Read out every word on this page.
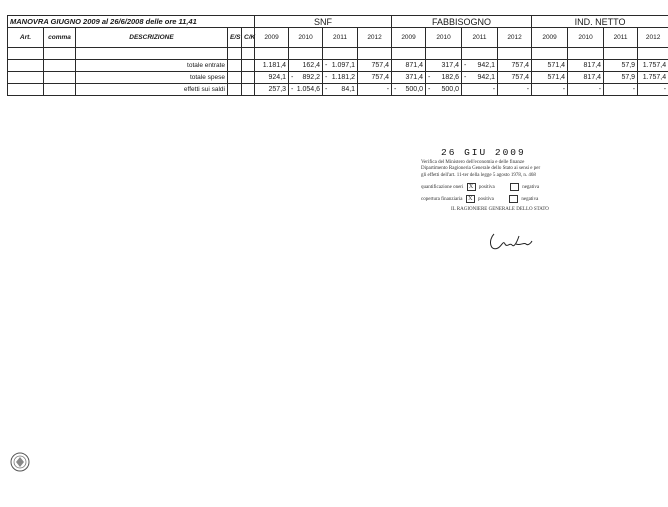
MANOVRA GIUGNO 2009 al 26/6/2008 delle ore 11,41					SNF				FABBISOGNO				IND. NETTO			
Art.	comma	DESCRIZIONE	E/S	C/K	2009	2010	2011	2012	2009	2010	2011	2012	2009	2010	2011	2012

		totale entrate			1.181,4	162,4	- 1.097,1	757,4	871,4	317,4	- 942,1	757,4	571,4	817,4	57,9	1.757,4
		totale spese			924,1	- 892,2	- 1.181,2	757,4	371,4	- 182,6	- 942,1	757,4	571,4	817,4	57,9	1.757,4
		effetti sui saldi			257,3	- 1.054,6	- 84,1	-	- 500,0	- 500,0	-	-	-	-	-	-
26 GIU 2009
Verifica del Ministero dell'economia e delle finanze
Dipartimento Ragioneria Generale dello Stato ai sensi e per
gli effetti dell'art. 11-ter della legge 5 agosto 1978, n. 468
quantificazione oneri X positiva	negativa
copertura finanziaria X positiva	negativa
IL RAGIONIERE GENERALE DELLO STATO
